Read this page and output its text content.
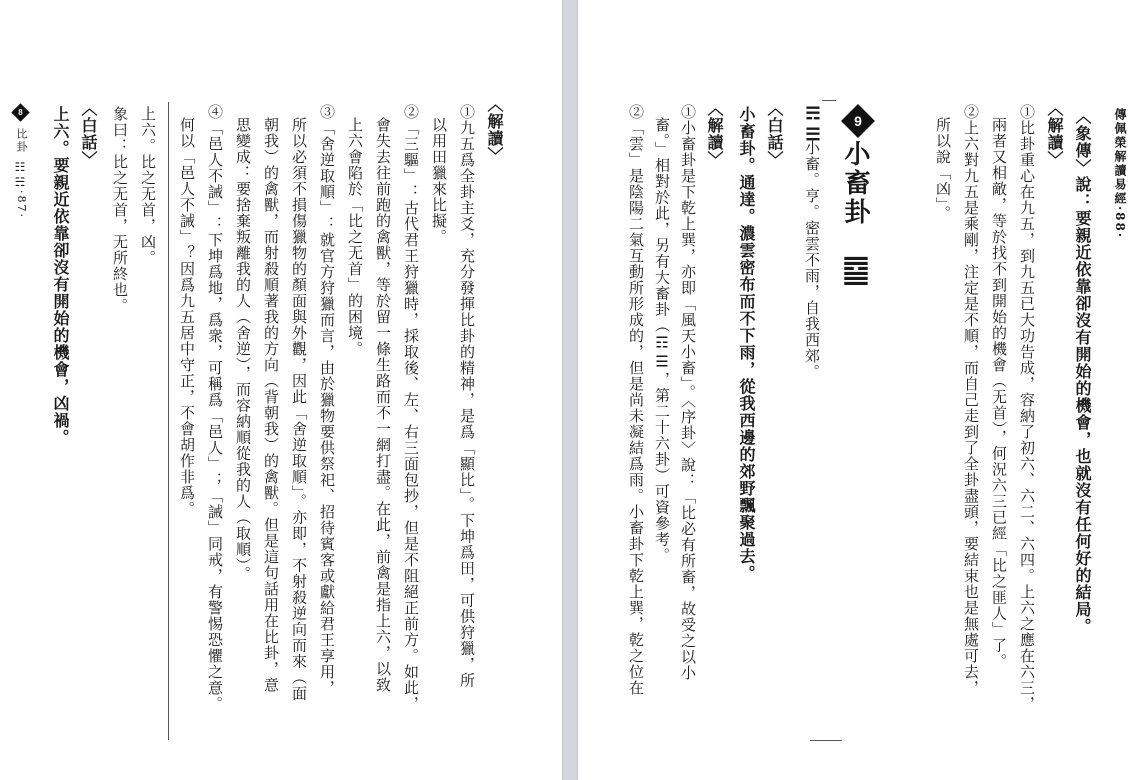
〈解讀〉
①九五爲全卦主爻，充分發揮比卦的精神，是爲「顯比」。下坤爲田，可供狩獵，所
以用田獵來比擬。
②「三驅」：古代君王狩獵時，採取後、左、右三面包抄，但是不阻絕正前方。如此，
會失去往前跑的禽獸，等於留一條生路而不一網打盡。在此，前禽是指上六，以致
上六會陷於「比之无首」的困境。
③「舍逆取順」：就官方狩獵而言，由於獵物要供祭祀、招待賓客或獻給君王享用，
所以必須不損傷獵物的顏面與外觀，因此「舍逆取順」。亦即，不射殺逆向而來（面
朝我）的禽獸，而射殺順著我的方向（背朝我）的禽獸。但是這句話用在比卦，意
思變成：要捨棄叛離我的人（舍逆），而容納順從我的人（取順）。
④「邑人不誡」：下坤爲地，爲衆，可稱爲「邑人」；「誡」同戒，有警惕恐懼之意。
何以「邑人不誡」？因爲九五居中守正，不會胡作非爲。
上六。比之无首，凶。
象曰：比之无首，无所終也。
〈白話〉
上六。要親近依靠卻沒有開始的機會，凶禍。
8
比卦
☷☵
·87·	傳佩榮解讀易經·88·
〈象傳〉說：要親近依靠卻沒有開始的機會，也就沒有任何好的結局。
〈解讀〉
①比卦重心在九五，到九五已大功告成，容納了初六、六二、六四。上六之應在六三，
兩者又相敵，等於找不到開始的機會（无首），何況六三已經「比之匪人」了。
②上六對九五是乘剛，注定是不順，而自己走到了全卦盡頭，要結束也是無處可去，
所以說「凶」。
9
小畜卦
䷈
☴☰
小畜。亨。密雲不雨，自我西郊。
〈白話〉
小畜卦。通達。濃雲密布而不下雨，從我西邊的郊野飄聚過去。
〈解讀〉
①小畜卦是下乾上巽，亦即「風天小畜」。〈序卦〉說：「比必有所畜，故受之以小
畜。」相對於此，另有大畜卦（☶☰，第二十六卦）可資參考。
②「雲」是陰陽二氣互動所形成的，但是尚未凝結爲雨。小畜卦下乾上巽，乾之位在
